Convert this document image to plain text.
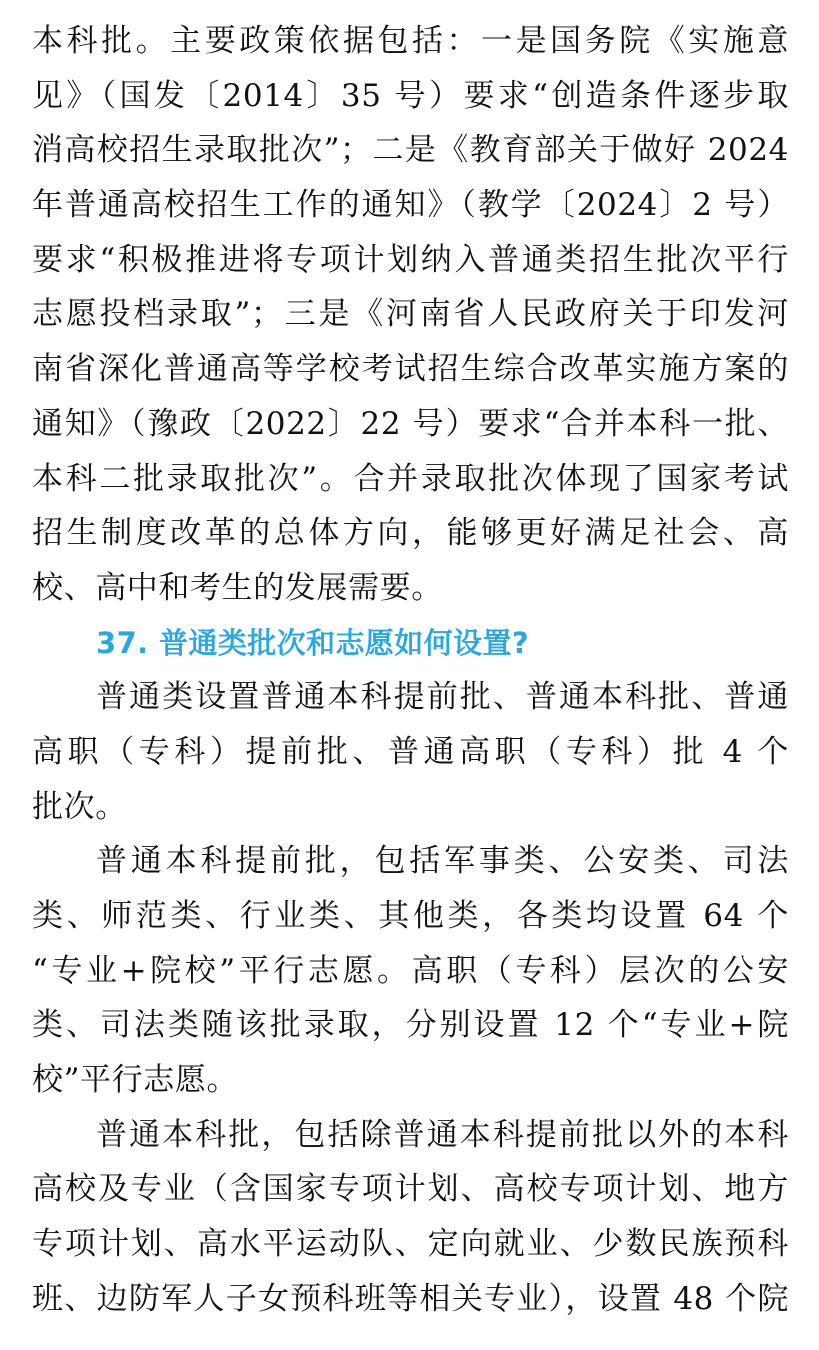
本科批。主要政策依据包括：一是国务院《实施意
见》（国发〔2014〕35 号）要求“创造条件逐步取
消高校招生录取批次”；二是《教育部关于做好 2024
年普通高校招生工作的通知》（教学〔2024〕2 号）
要求“积极推进将专项计划纳入普通类招生批次平行
志愿投档录取”；三是《河南省人民政府关于印发河
南省深化普通高等学校考试招生综合改革实施方案的
通知》（豫政〔2022〕22 号）要求“合并本科一批、
本科二批录取批次”。合并录取批次体现了国家考试
招生制度改革的总体方向，能够更好满足社会、高
校、高中和考生的发展需要。
37. 普通类批次和志愿如何设置?
普通类设置普通本科提前批、普通本科批、普通
高职（专科）提前批、普通高职（专科）批 4 个
批次。
普通本科提前批，包括军事类、公安类、司法
类、师范类、行业类、其他类，各类均设置 64 个
“专业+院校”平行志愿。高职（专科）层次的公安
类、司法类随该批录取，分别设置 12 个“专业+院
校”平行志愿。
普通本科批，包括除普通本科提前批以外的本科
高校及专业（含国家专项计划、高校专项计划、地方
专项计划、高水平运动队、定向就业、少数民族预科
班、边防军人子女预科班等相关专业），设置 48 个院
